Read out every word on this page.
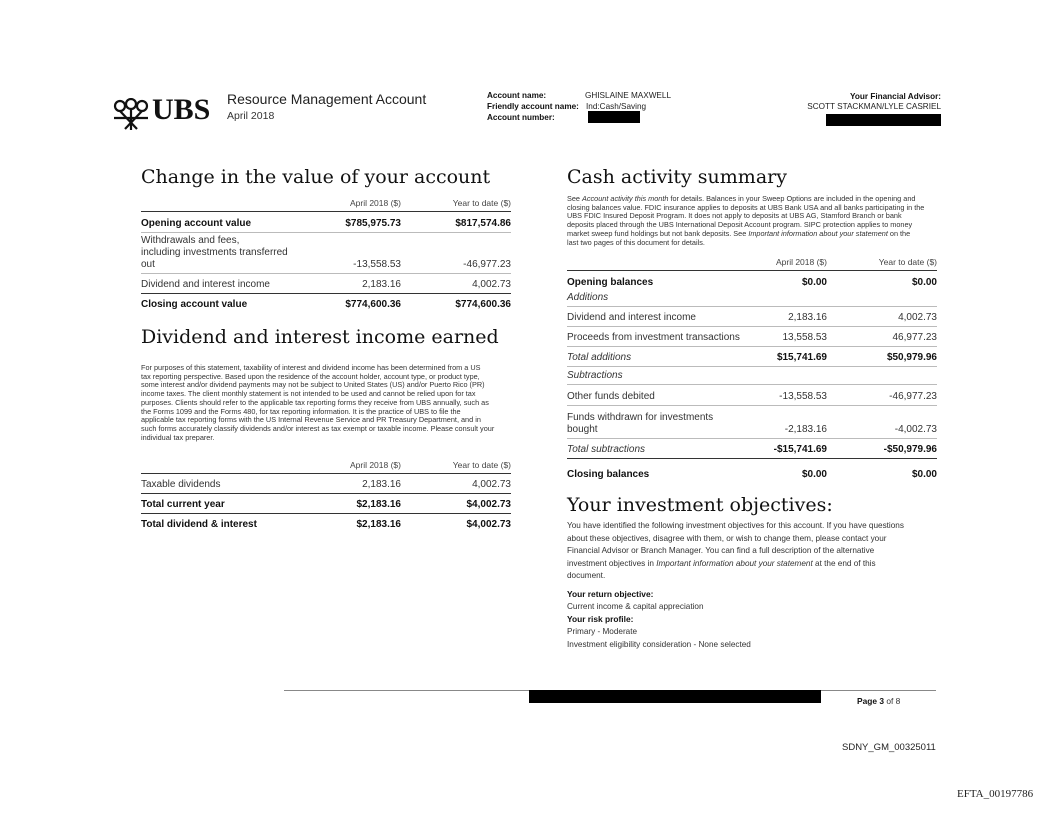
UBS Resource Management Account
April 2018
Account name:	GHISLAINE MAXWELL
Friendly account name: Ind:Cash/Saving
Account number:
Your Financial Advisor:
SCOTT STACKMAN/LYLE CASRIEL
Change in the value of your account
April 2018 ($)	Year to date ($)
Opening account value	$785,975.73	$817,574.86
Withdrawals and fees,
including investments transferred
out	-13,558.53	-46,977.23
Dividend and interest income	2,183.16	4,002.73
Closing account value	$774,600.36	$774,600.36
Dividend and interest income earned
For purposes of this statement, taxability of interest and dividend income has been determined from a US
tax reporting perspective. Based upon the residence of the account holder, account type, or product type,
some interest and/or dividend payments may not be subject to United States (US) and/or Puerto Rico (PR)
income taxes. The client monthly statement is not intended to be used and cannot be relied upon for tax
purposes. Clients should refer to the applicable tax reporting forms they receive from UBS annually, such as
the Forms 1099 and the Forms 480, for tax reporting information. It is the practice of UBS to file the
applicable tax reporting forms with the US Internal Revenue Service and PR Treasury Department, and in
such forms accurately classify dividends and/or interest as tax exempt or taxable income. Please consult your
individual tax preparer.
April 2018 ($)	Year to date ($)
Taxable dividends	2,183.16	4,002.73
Total current year	$2,183.16	$4,002.73
Total dividend & interest	$2,183.16	$4,002.73
Cash activity summary
See Account activity this month for details. Balances in your Sweep Options are included in the opening and
closing balances value. FDIC insurance applies to deposits at UBS Bank USA and all banks participating in the
UBS FDIC Insured Deposit Program. It does not apply to deposits at UBS AG, Stamford Branch or bank
deposits placed through the UBS International Deposit Account program. SIPC protection applies to money
market sweep fund holdings but not bank deposits. See Important information about your statement on the
last two pages of this document for details.
April 2018 ($)	Year to date ($)
Opening balances	$0.00	$0.00
Additions
Dividend and interest income	2,183.16	4,002.73
Proceeds from investment transactions	13,558.53	46,977.23
Total additions	$15,741.69	$50,979.96
Subtractions
Other funds debited	-13,558.53	-46,977.23
Funds withdrawn for investments
bought	-2,183.16	-4,002.73
Total subtractions	-$15,741.69	-$50,979.96
Closing balances	$0.00	$0.00
Your investment objectives:
You have identified the following investment objectives for this account. If you have questions
about these objectives, disagree with them, or wish to change them, please contact your
Financial Advisor or Branch Manager. You can find a full description of the alternative
investment objectives in Important information about your statement at the end of this
document.
Your return objective:
Current income & capital appreciation
Your risk profile:
Primary - Moderate
Investment eligibility consideration - None selected
Page 3 of 8
SDNY_GM_00325011
EFTA_00197786
